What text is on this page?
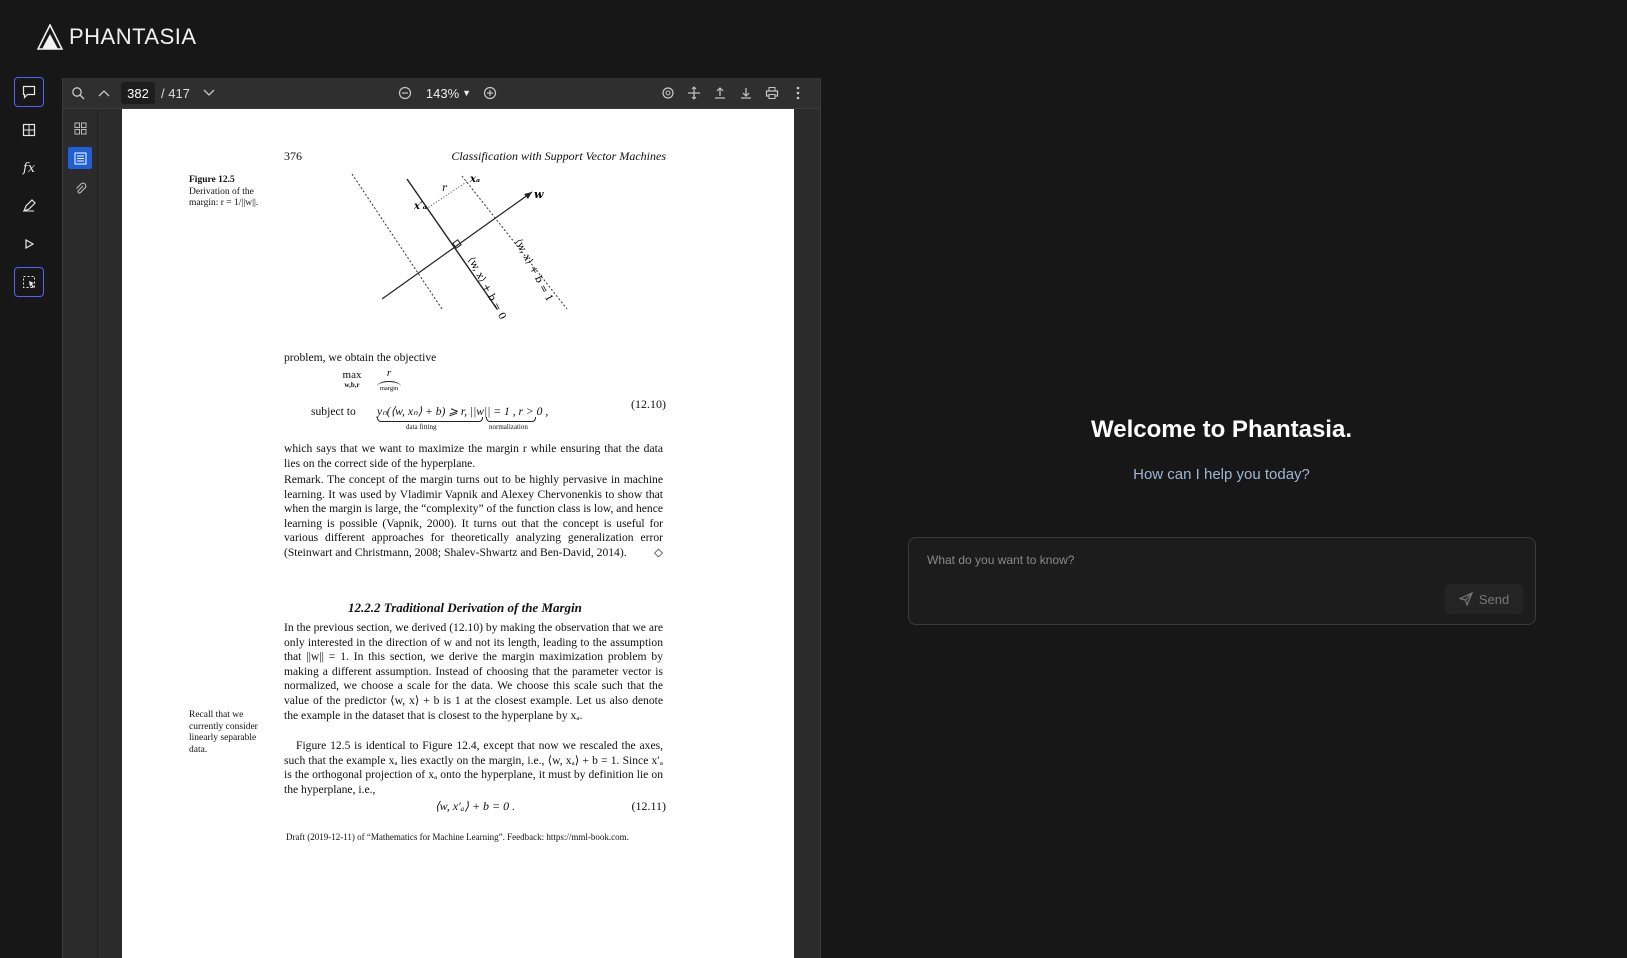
PHANTASIA
fx
382 / 417	143% ▼
376	Classification with Support Vector Machines
Figure 12.5
Derivation of the margin: r = 1/||w||.
w
xₐ
x′ₐ
r
⟨w, x⟩ + b = 0 ⟨w, x⟩ + b = 1
problem, we obtain the objective
max
w,b,r
r
margin
subject to yₙ(⟨w, xₙ⟩ + b) ⩾ r, ||w|| = 1 , r > 0 ,
data fitting	normalization
(12.10)
which says that we want to maximize the margin r while ensuring that the data lies on the correct side of the hyperplane.
Remark. The concept of the margin turns out to be highly pervasive in machine learning. It was used by Vladimir Vapnik and Alexey Chervonenkis to show that when the margin is large, the “complexity” of the function class is low, and hence learning is possible (Vapnik, 2000). It turns out that the concept is useful for various different approaches for theoretically analyzing generalization error (Steinwart and Christmann, 2008; Shalev-Shwartz and Ben-David, 2014). ◇
12.2.2 Traditional Derivation of the Margin
In the previous section, we derived (12.10) by making the observation that we are only interested in the direction of w and not its length, leading to the assumption that ||w|| = 1. In this section, we derive the margin maximization problem by making a different assumption. Instead of choosing that the parameter vector is normalized, we choose a scale for the data. We choose this scale such that the value of the predictor ⟨w, x⟩ + b is 1 at the closest example. Let us also denote the example in the dataset that is closest to the hyperplane by xₐ.
Recall that we currently consider linearly separable data.	Figure 12.5 is identical to Figure 12.4, except that now we rescaled the axes, such that the example xₐ lies exactly on the margin, i.e., ⟨w, xₐ⟩ + b = 1. Since x′ₐ is the orthogonal projection of xₐ onto the hyperplane, it must by definition lie on the hyperplane, i.e.,
⟨w, x′ₐ⟩ + b = 0 .	(12.11)
Draft (2019-12-11) of “Mathematics for Machine Learning”. Feedback: https://mml-book.com.
Welcome to Phantasia.
How can I help you today?
What do you want to know?
Send
